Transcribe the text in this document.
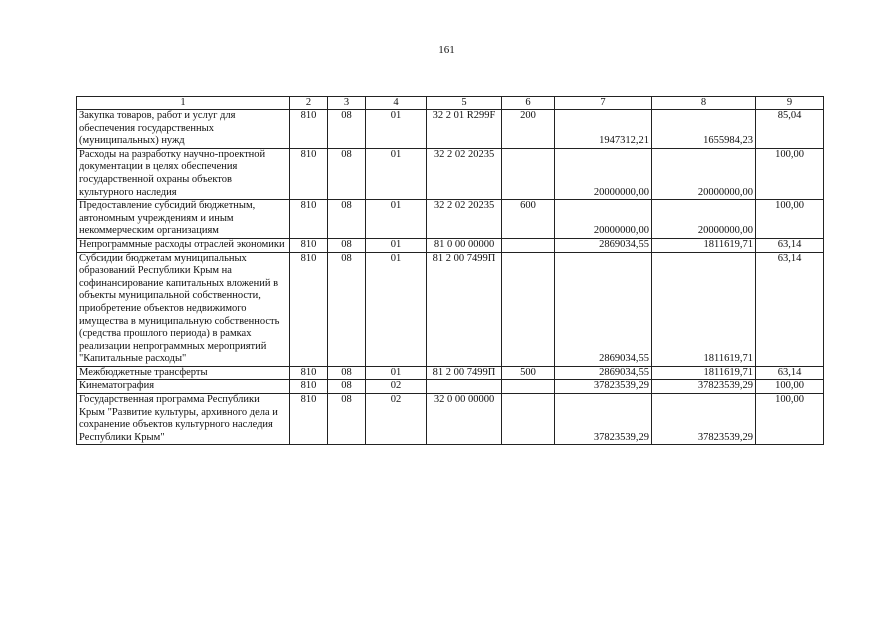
161
1	2	3	4	5	6	7	8	9
Закупка товаров, работ и услуг для обеспечения государственных (муниципальных) нужд	810	08	01	32 2 01 R299F	200	1947312,21	1655984,23	85,04
Расходы на разработку научно-проектной документации в целях обеспечения государственной охраны объектов культурного наследия	810	08	01	32 2 02 20235		20000000,00	20000000,00	100,00
Предоставление субсидий бюджетным, автономным учреждениям и иным некоммерческим организациям	810	08	01	32 2 02 20235	600	20000000,00	20000000,00	100,00
Непрограммные расходы отраслей экономики	810	08	01	81 0 00 00000		2869034,55	1811619,71	63,14
Субсидии бюджетам муниципальных образований Республики Крым на софинансирование капитальных вложений в объекты муниципальной собственности, приобретение объектов недвижимого имущества в муниципальную собственность (средства прошлого периода) в рамках реализации непрограммных мероприятий "Капитальные расходы"	810	08	01	81 2 00 7499П		2869034,55	1811619,71	63,14
Межбюджетные трансферты	810	08	01	81 2 00 7499П	500	2869034,55	1811619,71	63,14
Кинематография	810	08	02			37823539,29	37823539,29	100,00
Государственная программа Республики Крым "Развитие культуры, архивного дела и сохранение объектов культурного наследия Республики Крым"	810	08	02	32 0 00 00000		37823539,29	37823539,29	100,00
